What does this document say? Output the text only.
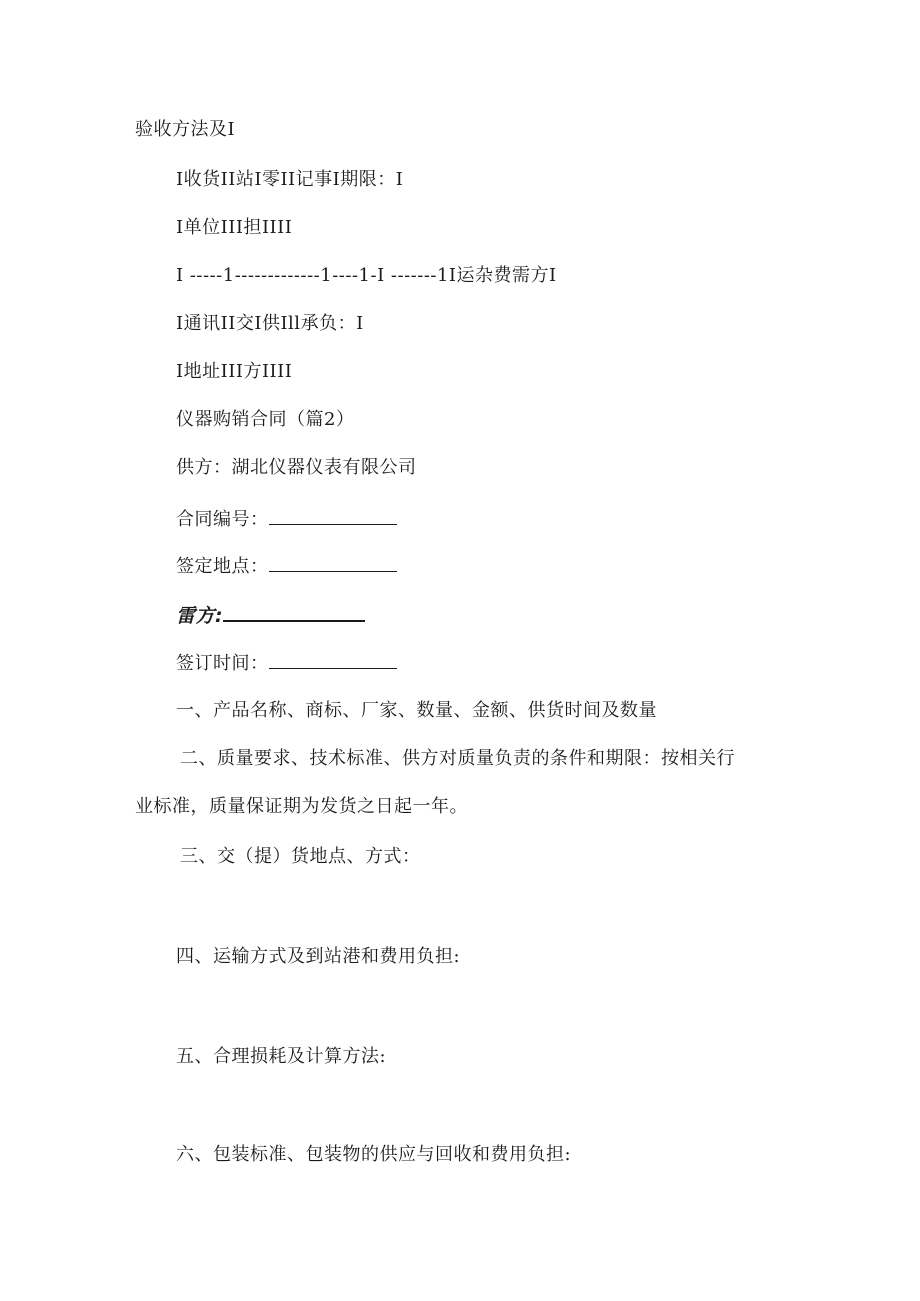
验收方法及I
I收货II站I零II记事I期限：I
I单位III担IIII
I -----1-------------1----1-I -------1I运杂费需方I
I通讯II交I供Ill承负：I
I地址III方IIII
仪器购销合同（篇2）
供方：湖北仪器仪表有限公司
合同编号：
签定地点：
雷方:
签订时间：
一、产品名称、商标、厂家、数量、金额、供货时间及数量
二、质量要求、技术标准、供方对质量负责的条件和期限：按相关行
业标准，质量保证期为发货之日起一年。
三、交（提）货地点、方式：
四、运输方式及到站港和费用负担:
五、合理损耗及计算方法:
六、包装标准、包装物的供应与回收和费用负担:
